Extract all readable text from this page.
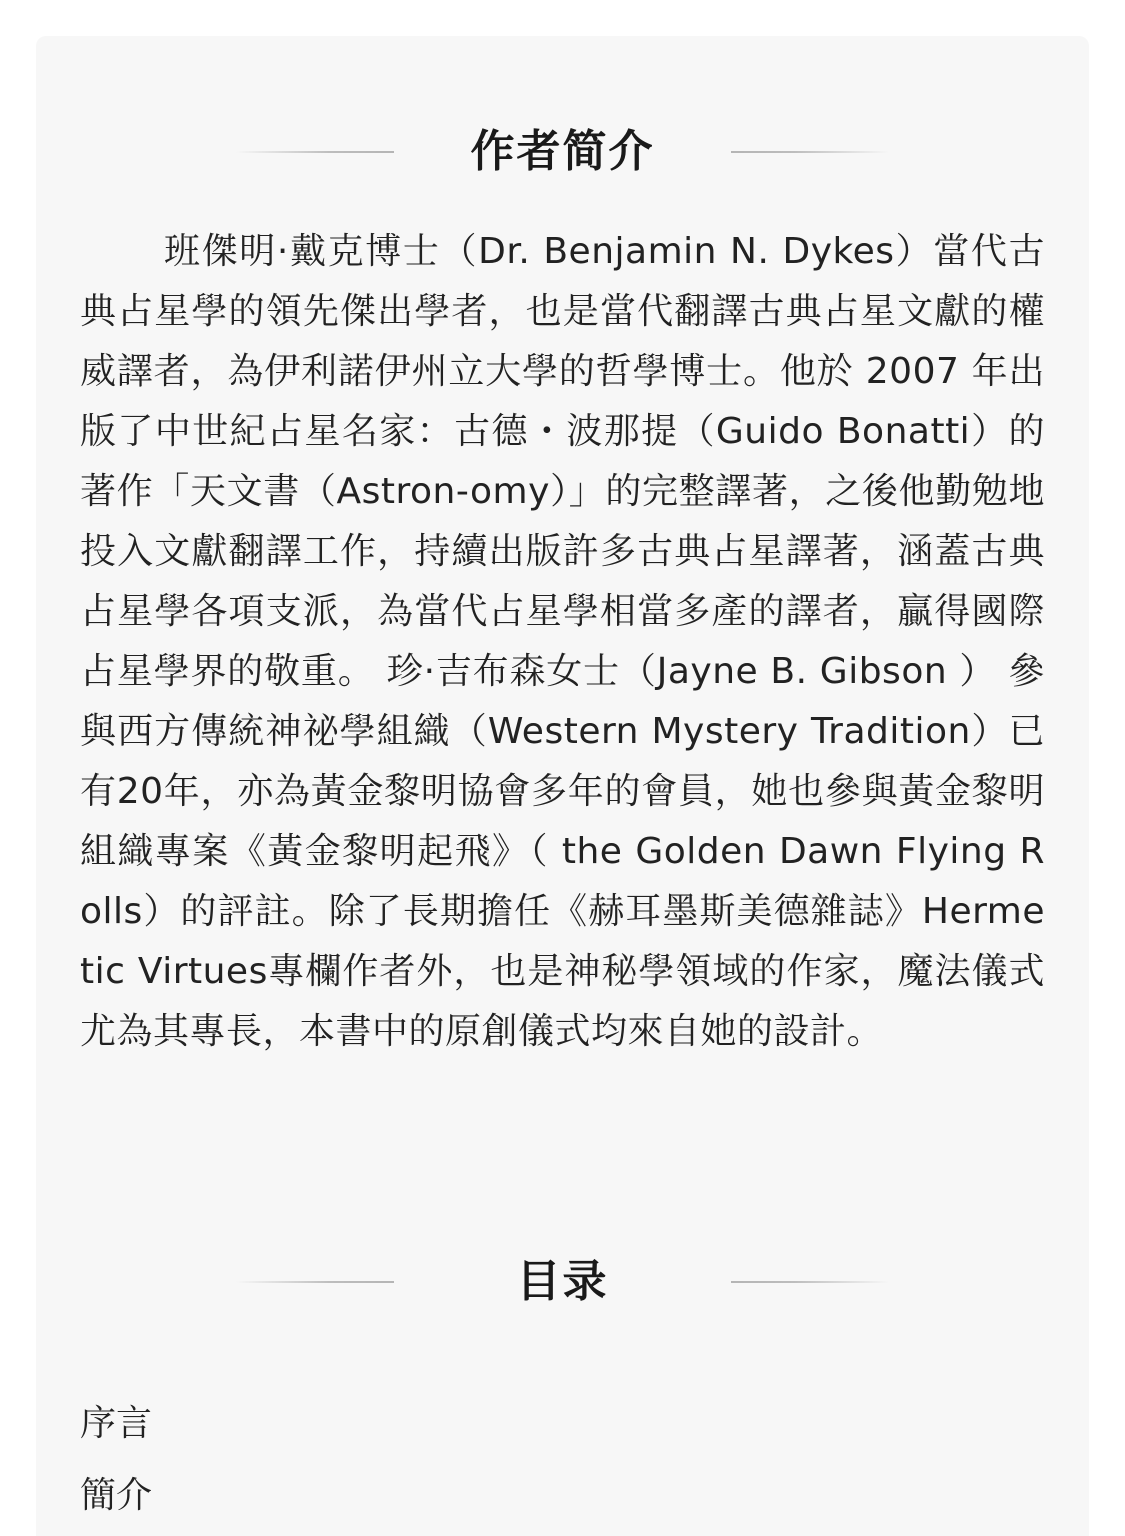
作者简介

班傑明·戴克博士（Dr. Benjamin N. Dykes）當代古典占星學的領先傑出學者，也是當代翻譯古典占星文獻的權威譯者，為伊利諾伊州立大學的哲學博士。他於 2007 年出版了中世紀占星名家：古德・波那提（Guido Bonatti）的著作「天文書（Astron-omy）」的完整譯著，之後他勤勉地投入文獻翻譯工作，持續出版許多古典占星譯著，涵蓋古典占星學各項支派，為當代占星學相當多產的譯者，贏得國際占星學界的敬重。 珍·吉布森女士（Jayne B. Gibson ） 參與西方傳統神祕學組織（Western Mystery Tradition）已有20年，亦為黃金黎明協會多年的會員，她也參與黃金黎明組織專案《黃金黎明起飛》（ the Golden Dawn Flying Rolls）的評註。除了長期擔任《赫耳墨斯美德雜誌》Hermetic Virtues專欄作者外，也是神秘學領域的作家，魔法儀式尤為其專長，本書中的原創儀式均來自她的設計。

目录
序言
簡介
